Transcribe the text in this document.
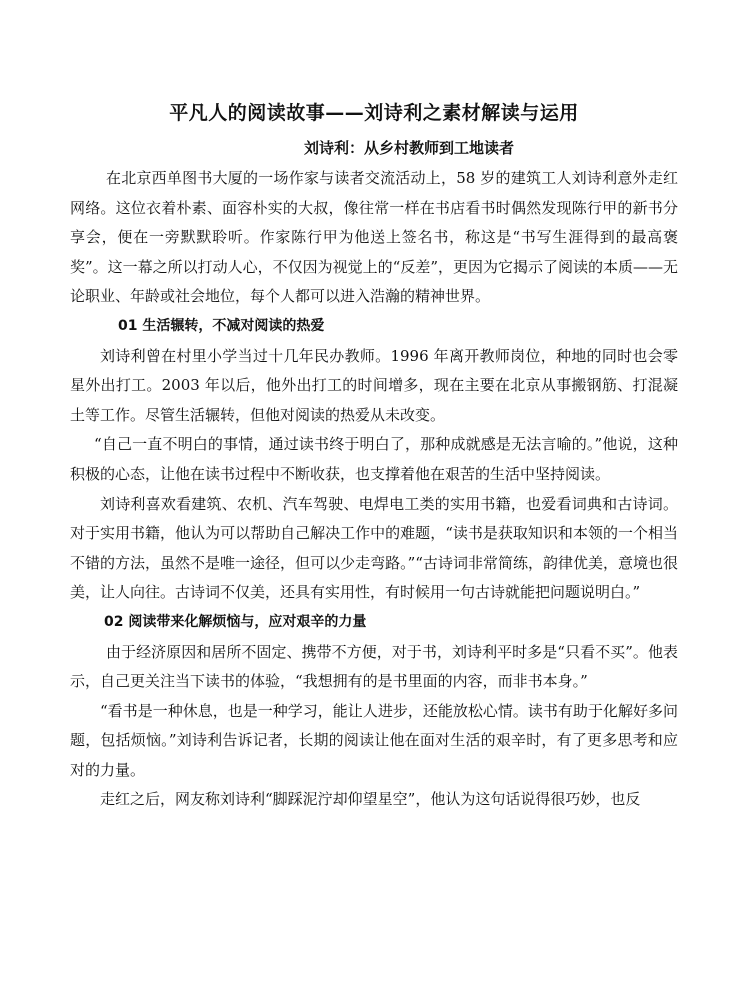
平凡人的阅读故事——刘诗利之素材解读与运用
刘诗利：从乡村教师到工地读者

在北京西单图书大厦的一场作家与读者交流活动上，58 岁的建筑工人刘诗利意外走红网络。这位衣着朴素、面容朴实的大叔，像往常一样在书店看书时偶然发现陈行甲的新书分享会，便在一旁默默聆听。作家陈行甲为他送上签名书，称这是“书写生涯得到的最高褒奖”。这一幕之所以打动人心，不仅因为视觉上的“反差”，更因为它揭示了阅读的本质——无论职业、年龄或社会地位，每个人都可以进入浩瀚的精神世界。

01 生活辗转，不减对阅读的热爱

刘诗利曾在村里小学当过十几年民办教师。1996 年离开教师岗位，种地的同时也会零星外出打工。2003 年以后，他外出打工的时间增多，现在主要在北京从事搬钢筋、打混凝土等工作。尽管生活辗转，但他对阅读的热爱从未改变。

“自己一直不明白的事情，通过读书终于明白了，那种成就感是无法言喻的。”他说，这种积极的心态，让他在读书过程中不断收获，也支撑着他在艰苦的生活中坚持阅读。

刘诗利喜欢看建筑、农机、汽车驾驶、电焊电工类的实用书籍，也爱看词典和古诗词。对于实用书籍，他认为可以帮助自己解决工作中的难题，“读书是获取知识和本领的一个相当不错的方法，虽然不是唯一途径，但可以少走弯路。”“古诗词非常简练，韵律优美，意境也很美，让人向往。古诗词不仅美，还具有实用性，有时候用一句古诗就能把问题说明白。”

02 阅读带来化解烦恼与，应对艰辛的力量

由于经济原因和居所不固定、携带不方便，对于书，刘诗利平时多是“只看不买”。他表示，自己更关注当下读书的体验，“我想拥有的是书里面的内容，而非书本身。”

“看书是一种休息，也是一种学习，能让人进步，还能放松心情。读书有助于化解好多问题，包括烦恼。”刘诗利告诉记者，长期的阅读让他在面对生活的艰辛时，有了更多思考和应对的力量。

走红之后，网友称刘诗利“脚踩泥泞却仰望星空”，他认为这句话说得很巧妙，也反
